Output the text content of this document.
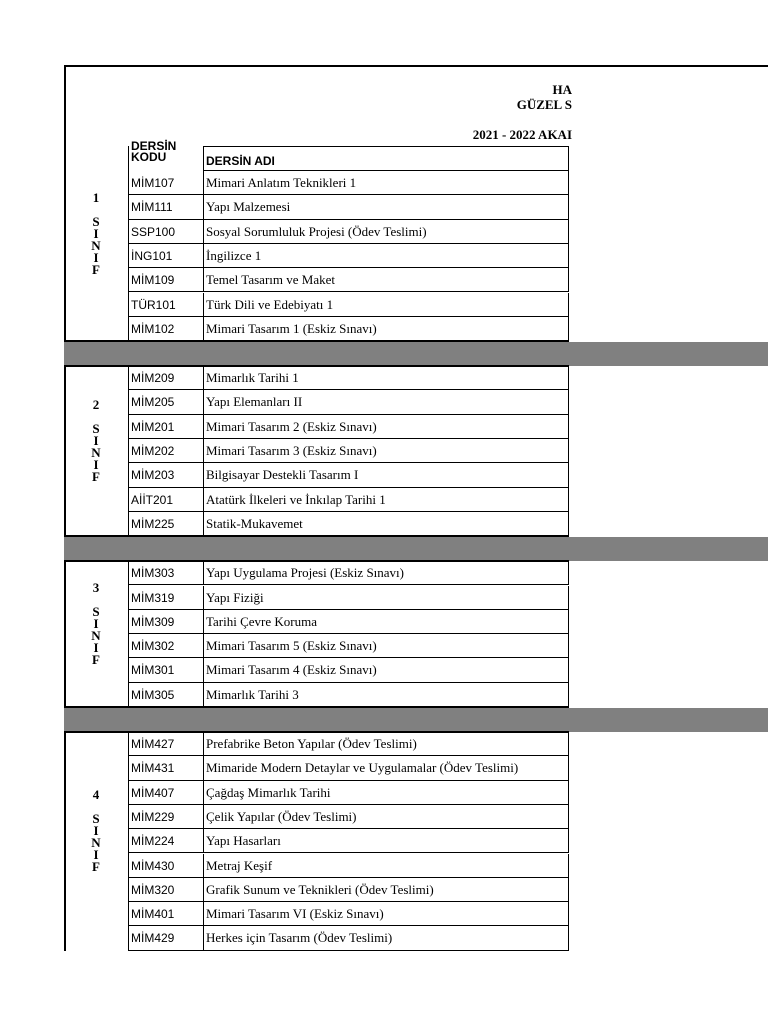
HA
GÜZEL S
2021 - 2022 AKAI
DERSİN KODU	DERSİN ADI
1
S
I
N
I
F
MİM107	Mimari Anlatım Teknikleri 1
MİM111	Yapı Malzemesi
SSP100	Sosyal Sorumluluk Projesi (Ödev Teslimi)
İNG101	İngilizce 1
MİM109	Temel Tasarım ve Maket
TÜR101	Türk Dili ve Edebiyatı 1
MİM102	Mimari Tasarım 1 (Eskiz Sınavı)
2
S
I
N
I
F
MİM209	Mimarlık Tarihi 1
MİM205	Yapı Elemanları II
MİM201	Mimari Tasarım 2 (Eskiz Sınavı)
MİM202	Mimari Tasarım 3 (Eskiz Sınavı)
MİM203	Bilgisayar Destekli Tasarım I
AİİT201	Atatürk İlkeleri ve İnkılap Tarihi 1
MİM225	Statik-Mukavemet
3
S
I
N
I
F
MİM303	Yapı Uygulama Projesi (Eskiz Sınavı)
MİM319	Yapı Fiziği
MİM309	Tarihi Çevre Koruma
MİM302	Mimari Tasarım 5 (Eskiz Sınavı)
MİM301	Mimari Tasarım 4 (Eskiz Sınavı)
MİM305	Mimarlık Tarihi 3
4
S
I
N
I
F
MİM427	Prefabrike Beton Yapılar (Ödev Teslimi)
MİM431	Mimaride Modern Detaylar ve Uygulamalar (Ödev Teslimi)
MİM407	Çağdaş Mimarlık Tarihi
MİM229	Çelik Yapılar (Ödev Teslimi)
MİM224	Yapı Hasarları
MİM430	Metraj Keşif
MİM320	Grafik Sunum ve Teknikleri (Ödev Teslimi)
MİM401	Mimari Tasarım VI (Eskiz Sınavı)
MİM429	Herkes için Tasarım (Ödev Teslimi)
